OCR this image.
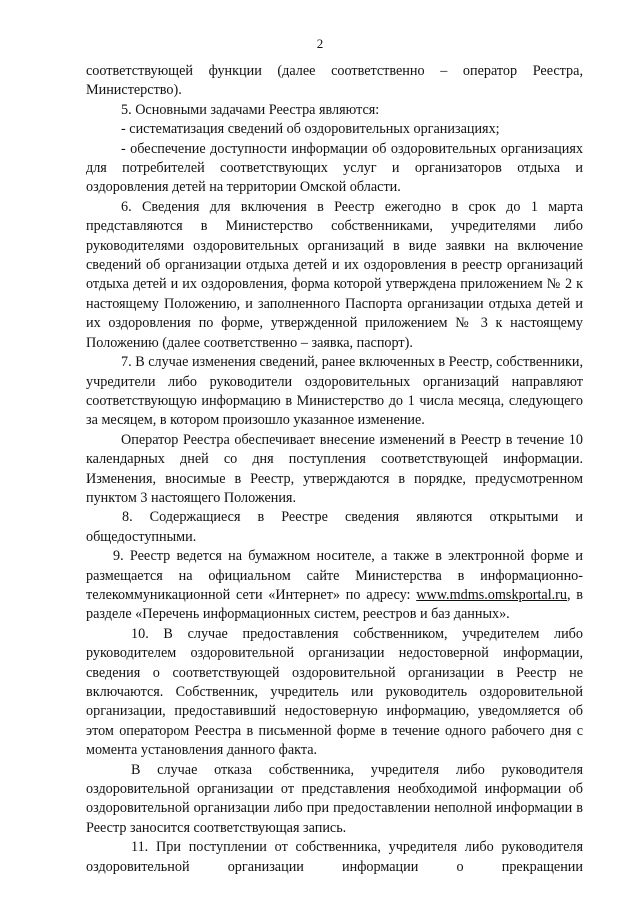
2

соответствующей функции (далее соответственно – оператор Реестра, Министерство).

5. Основными задачами Реестра являются:

- систематизация сведений об оздоровительных организациях;

- обеспечение доступности информации об оздоровительных организациях для потребителей соответствующих услуг и организаторов отдыха и оздоровления детей на территории Омской области.

6. Сведения для включения в Реестр ежегодно в срок до 1 марта представляются в Министерство собственниками, учредителями либо руководителями оздоровительных организаций в виде заявки на включение сведений об организации отдыха детей и их оздоровления в реестр организаций отдыха детей и их оздоровления, форма которой утверждена приложением № 2 к настоящему Положению, и заполненного Паспорта организации отдыха детей и их оздоровления по форме, утвержденной приложением № 3 к настоящему Положению (далее соответственно – заявка, паспорт).

7. В случае изменения сведений, ранее включенных в Реестр, собственники, учредители либо руководители оздоровительных организаций направляют соответствующую информацию в Министерство до 1 числа месяца, следующего за месяцем, в котором произошло указанное изменение.

Оператор Реестра обеспечивает внесение изменений в Реестр в течение 10 календарных дней со дня поступления соответствующей информации. Изменения, вносимые в Реестр, утверждаются в порядке, предусмотренном пунктом 3 настоящего Положения.

8. Содержащиеся в Реестре сведения являются открытыми и общедоступными.

9. Реестр ведется на бумажном носителе, а также в электронной форме и размещается на официальном сайте Министерства в информационно-телекоммуникационной сети «Интернет» по адресу: www.mdms.omskportal.ru, в разделе «Перечень информационных систем, реестров и баз данных».

10. В случае предоставления собственником, учредителем либо руководителем оздоровительной организации недостоверной информации, сведения о соответствующей оздоровительной организации в Реестр не включаются. Собственник, учредитель или руководитель оздоровительной организации, предоставивший недостоверную информацию, уведомляется об этом оператором Реестра в письменной форме в течение одного рабочего дня с момента установления данного факта.

В случае отказа собственника, учредителя либо руководителя оздоровительной организации от представления необходимой информации об оздоровительной организации либо при предоставлении неполной информации в Реестр заносится соответствующая запись.

11. При поступлении от собственника, учредителя либо руководителя оздоровительной организации информации о прекращении
